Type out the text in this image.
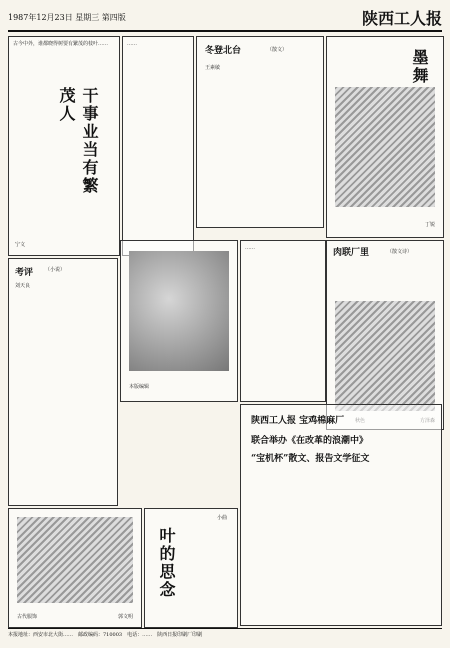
1987年12月23日 星期三 第四版	陕西工人报
古今中外，谁都晓得树要有繁茂的枝叶……
干事业当有繁茂人
宁文
……
冬登北台	（散文）
王素敏	墨舞
丁锐
考评 （小说）
刘天良
本版编辑
……	肉联厂里	（散文诗）
陕西工人报 宝鸡棉麻厂
联合举办《在改革的浪潮中》
“宝机杯”散文、报告文学征文
古代服饰	郭文明
叶的思念
小曲
本报地址：西安市北大街……　邮政编码：710003　电话：……　陕西日报印刷厂印刷
